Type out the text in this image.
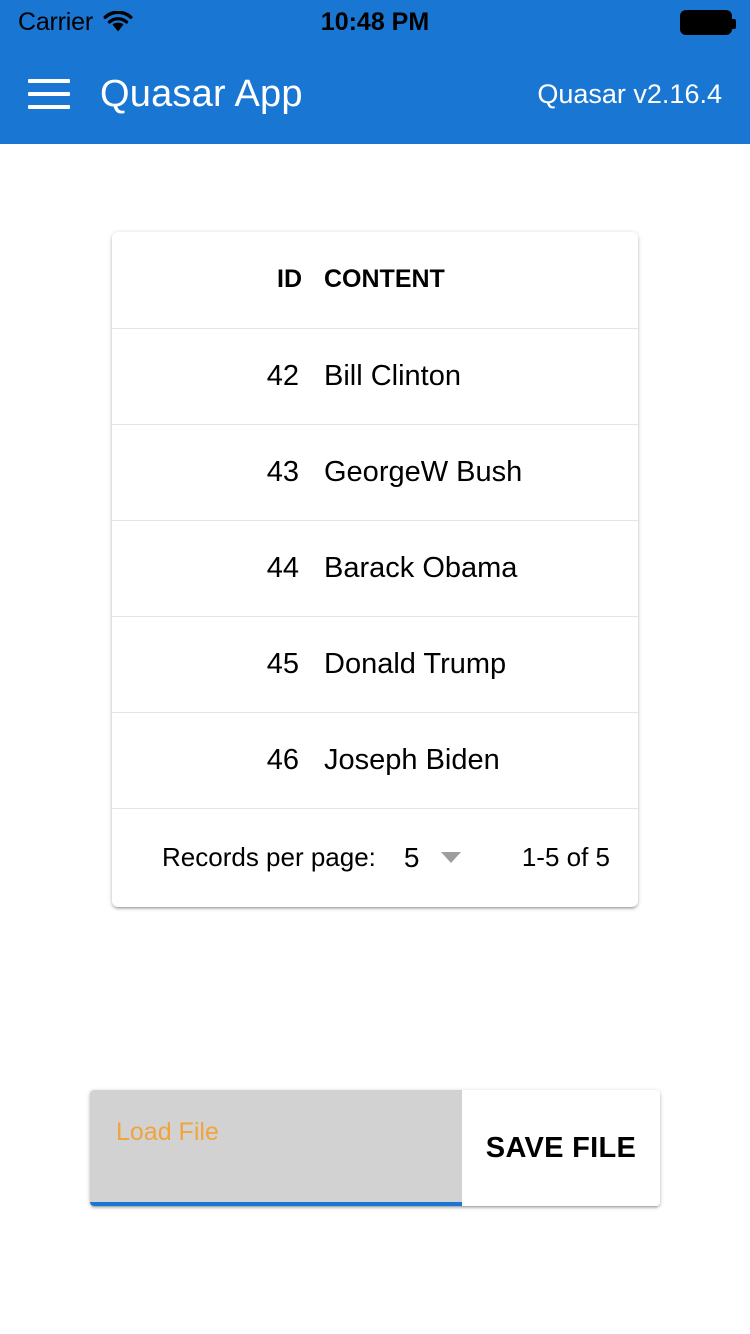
Carrier	10:48 PM
Quasar App	Quasar v2.16.4
ID	CONTENT
42	Bill Clinton
43	GeorgeW Bush
44	Barack Obama
45	Donald Trump
46	Joseph Biden
Records per page: 5	1-5 of 5
Load File	SAVE FILE
